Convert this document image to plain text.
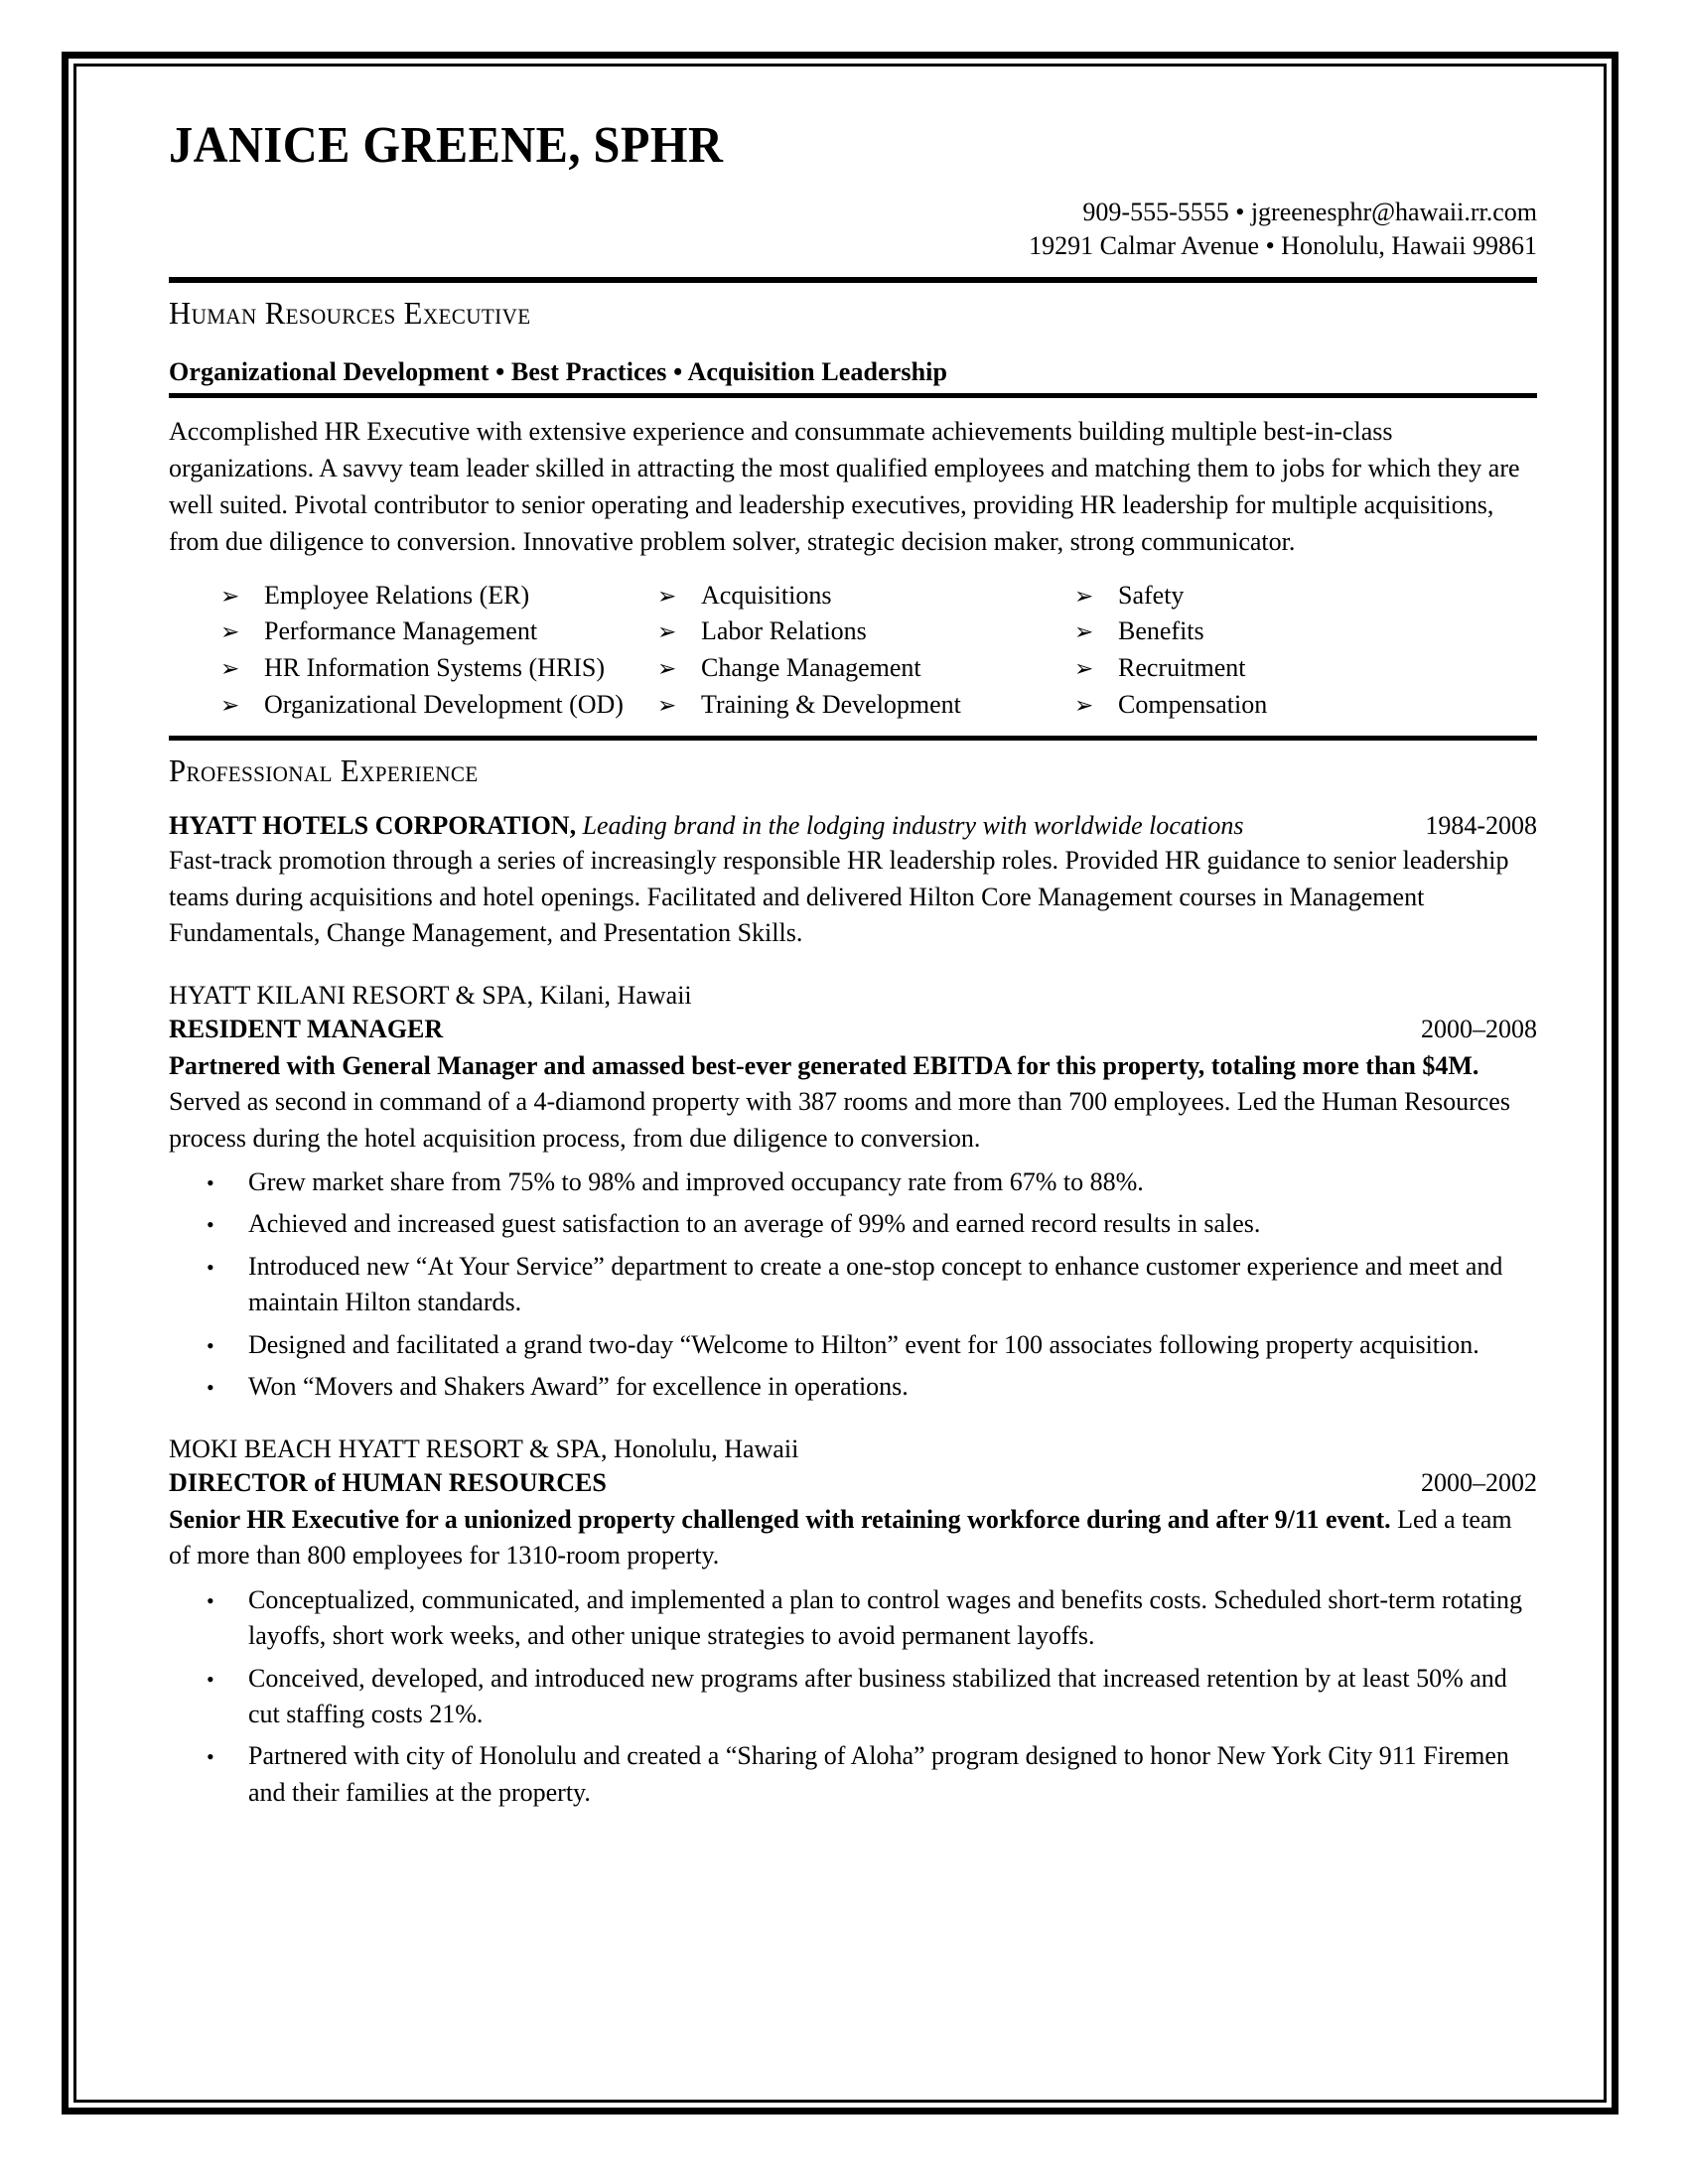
JANICE GREENE, SPHR
909-555-5555 • jgreenesphr@hawaii.rr.com
19291 Calmar Avenue • Honolulu, Hawaii 99861
Human Resources Executive
Organizational Development • Best Practices • Acquisition Leadership
Accomplished HR Executive with extensive experience and consummate achievements building multiple best-in-class organizations. A savvy team leader skilled in attracting the most qualified employees and matching them to jobs for which they are well suited. Pivotal contributor to senior operating and leadership executives, providing HR leadership for multiple acquisitions, from due diligence to conversion. Innovative problem solver, strategic decision maker, strong communicator.
➢ Employee Relations (ER)	➢ Acquisitions	➢ Safety
➢ Performance Management	➢ Labor Relations	➢ Benefits
➢ HR Information Systems (HRIS) ➢ Change Management	➢ Recruitment
➢ Organizational Development (OD) ➢ Training & Development	➢ Compensation
Professional Experience
HYATT HOTELS CORPORATION, Leading brand in the lodging industry with worldwide locations	1984-2008
Fast-track promotion through a series of increasingly responsible HR leadership roles. Provided HR guidance to senior leadership teams during acquisitions and hotel openings. Facilitated and delivered Hilton Core Management courses in Management Fundamentals, Change Management, and Presentation Skills.
HYATT KILANI RESORT & SPA, Kilani, Hawaii
RESIDENT MANAGER	2000–2008
Partnered with General Manager and amassed best-ever generated EBITDA for this property, totaling more than $4M. Served as second in command of a 4-diamond property with 387 rooms and more than 700 employees. Led the Human Resources process during the hotel acquisition process, from due diligence to conversion.
•	Grew market share from 75% to 98% and improved occupancy rate from 67% to 88%.
•	Achieved and increased guest satisfaction to an average of 99% and earned record results in sales.
•	Introduced new “At Your Service” department to create a one-stop concept to enhance customer experience and meet and maintain Hilton standards.
•	Designed and facilitated a grand two-day “Welcome to Hilton” event for 100 associates following property acquisition.
•	Won “Movers and Shakers Award” for excellence in operations.
MOKI BEACH HYATT RESORT & SPA, Honolulu, Hawaii
DIRECTOR of HUMAN RESOURCES	2000–2002
Senior HR Executive for a unionized property challenged with retaining workforce during and after 9/11 event. Led a team of more than 800 employees for 1310-room property.
•	Conceptualized, communicated, and implemented a plan to control wages and benefits costs. Scheduled short-term rotating layoffs, short work weeks, and other unique strategies to avoid permanent layoffs.
•	Conceived, developed, and introduced new programs after business stabilized that increased retention by at least 50% and cut staffing costs 21%.
•	Partnered with city of Honolulu and created a “Sharing of Aloha” program designed to honor New York City 911 Firemen and their families at the property.
